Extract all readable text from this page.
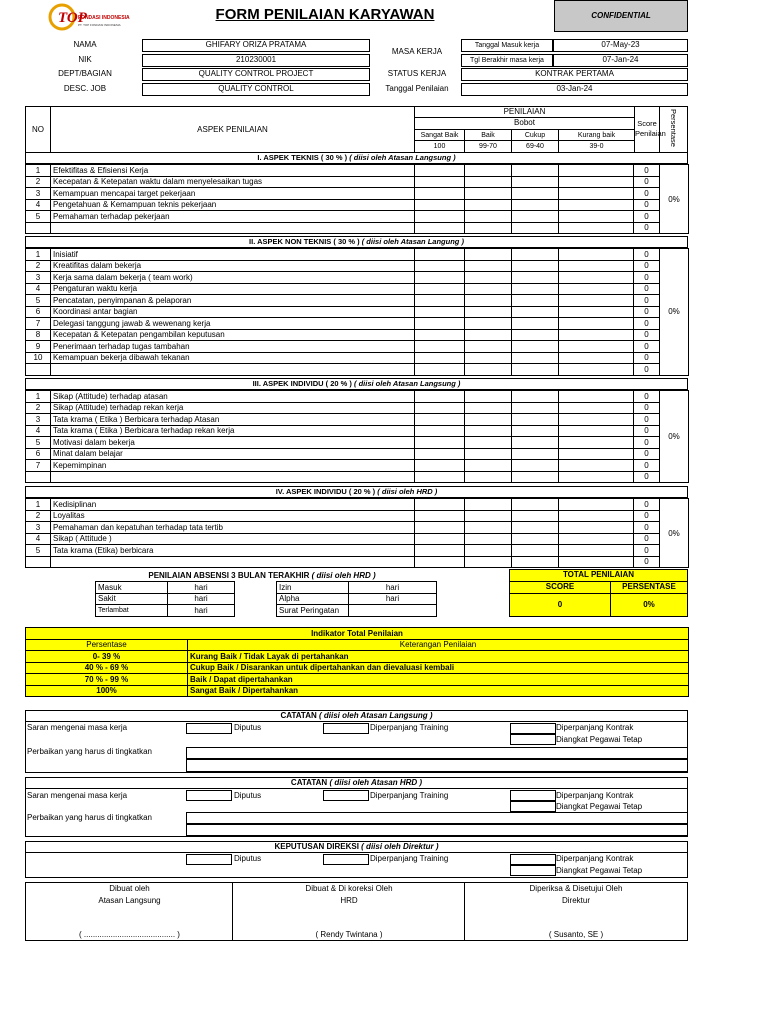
TOP
FONDASI INDONESIA
PT. TOP FONDASI INDONESIA
FORM PENILAIAN KARYAWAN	CONFIDENTIAL
NAMA	GHIFARY ORIZA PRATAMA
NIK	210230001
DEPT/BAGIAN	QUALITY CONTROL PROJECT
DESC. JOB	QUALITY CONTROL
MASA KERJA
Tanggal Masuk kerja	07-May-23
Tgl Berakhir masa kerja	07-Jan-24
STATUS KERJA	KONTRAK PERTAMA
Tanggal Penilaian	03-Jan-24
NO	ASPEK PENILAIAN
PENILAIAN
Bobot	Score Penilaian Persentase
Sangat Baik	Baik	Cukup	Kurang baik
100	99-70	69-40	39-0
I. ASPEK TEKNIS ( 30 % ) ( diisi oleh Atasan Langsung )
1	Efektifitas & Efisiensi Kerja					0	0%
2	Kecepatan & Ketepatan waktu dalam menyelesaikan tugas					0	
3	Kemampuan mencapai target pekerjaan					0	
4	Pengetahuan & Kemampuan teknis pekerjaan					0	
5	Pemahaman terhadap pekerjaan					0	
						0	
II. ASPEK NON TEKNIS ( 30 % ) ( diisi oleh Atasan Langung )
1	Inisiatif					0	0%
2	Kreatifitas dalam bekerja					0	
3	Kerja sama dalam bekerja ( team work)					0	
4	Pengaturan waktu kerja					0	
5	Pencatatan, penyimpanan & pelaporan					0	
6	Koordinasi antar bagian					0	
7	Delegasi tanggung jawab & wewenang kerja					0	
8	Kecepatan & Ketepatan pengambilan keputusan					0	
9	Penerimaan terhadap tugas tambahan					0	
10	Kemampuan bekerja dibawah tekanan					0	
						0	
III. ASPEK INDIVIDU ( 20 % ) ( diisi oleh Atasan Langsung )
1	Sikap (Attitude) terhadap atasan					0	0%
2	Sikap (Attitude) terhadap rekan kerja					0	
3	Tata krama ( Etika ) Berbicara terhadap Atasan					0	
4	Tata krama ( Etika ) Berbicara terhadap rekan kerja					0	
5	Motivasi dalam bekerja					0	
6	Minat dalam belajar					0	
7	Kepemimpinan					0	
						0	
IV. ASPEK INDIVIDU ( 20 % ) ( diisi oleh HRD )
1	Kedisiplinan					0	0%
2	Loyalitas					0	
3	Pemahaman dan kepatuhan terhadap tata tertib					0	
4	Sikap ( Attitude )					0	
5	Tata krama (Etika) berbicara					0	
						0	
PENILAIAN ABSENSI 3 BULAN TERAKHIR ( diisi oleh HRD )
Masuk	hari
Sakit	hari
Terlambat	hari
Izin	hari
Alpha	hari
Surat Peringatan	
TOTAL PENILAIAN
SCORE	PERSENTASE
0	0%
Indikator Total Penilaian	
Persentase	Keterangan Penilaian
0- 39 %	Kurang Baik / Tidak Layak di pertahankan
40 % - 69 %	Cukup Baik / Disarankan untuk dipertahankan dan dievaluasi kembali
70 % - 99 %	Baik / Dapat dipertahankan
100%	Sangat Baik / Dipertahankan
CATATAN ( diisi oleh Atasan Langsung )
Saran mengenai masa kerja	Diputus	Diperpanjang Training	Diperpanjang Kontrak
Diangkat Pegawai Tetap
Perbaikan yang harus di tingkatkan
CATATAN ( diisi oleh Atasan HRD )
Saran mengenai masa kerja	Diputus	Diperpanjang Training	Diperpanjang Kontrak
Diangkat Pegawai Tetap
Perbaikan yang harus di tingkatkan
KEPUTUSAN DIREKSI ( diisi oleh Direktur )
Diputus	Diperpanjang Training	Diperpanjang Kontrak
Diangkat Pegawai Tetap
Dibuat oleh
Atasan Langsung
( ......................................... )
Dibuat & Di koreksi Oleh
HRD
( Rendy Twintana )
Diperiksa & Disetujui Oleh
Direktur
( Susanto, SE )
